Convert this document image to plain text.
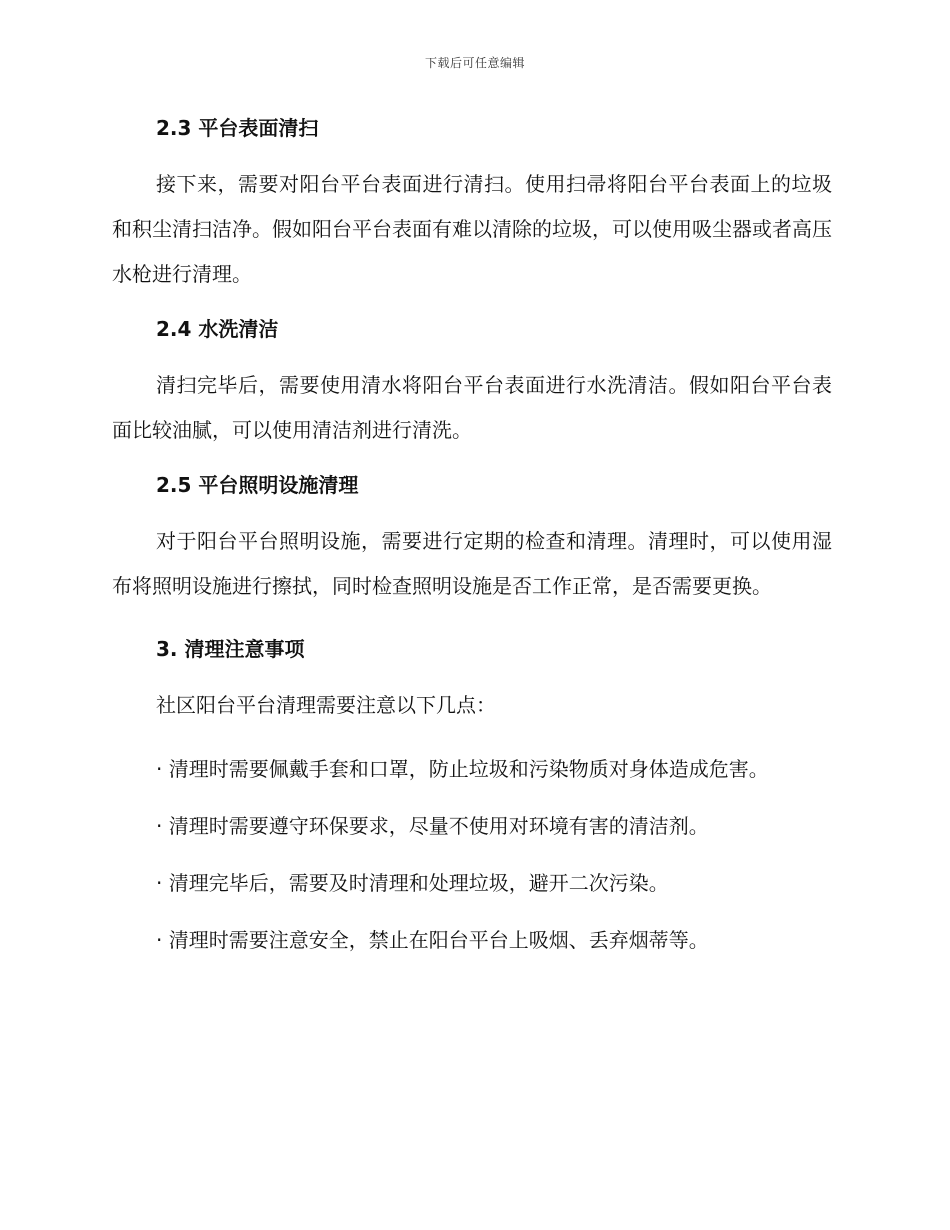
下载后可任意编辑
2.3 平台表面清扫

接下来，需要对阳台平台表面进行清扫。使用扫帚将阳台平台表面上的垃圾和积尘清扫洁净。假如阳台平台表面有难以清除的垃圾，可以使用吸尘器或者高压水枪进行清理。

2.4 水洗清洁

清扫完毕后，需要使用清水将阳台平台表面进行水洗清洁。假如阳台平台表面比较油腻，可以使用清洁剂进行清洗。

2.5 平台照明设施清理

对于阳台平台照明设施，需要进行定期的检查和清理。清理时，可以使用湿布将照明设施进行擦拭，同时检查照明设施是否工作正常，是否需要更换。

3. 清理注意事项

社区阳台平台清理需要注意以下几点：

· 清理时需要佩戴手套和口罩，防止垃圾和污染物质对身体造成危害。

· 清理时需要遵守环保要求，尽量不使用对环境有害的清洁剂。

· 清理完毕后，需要及时清理和处理垃圾，避开二次污染。

· 清理时需要注意安全，禁止在阳台平台上吸烟、丢弃烟蒂等。
